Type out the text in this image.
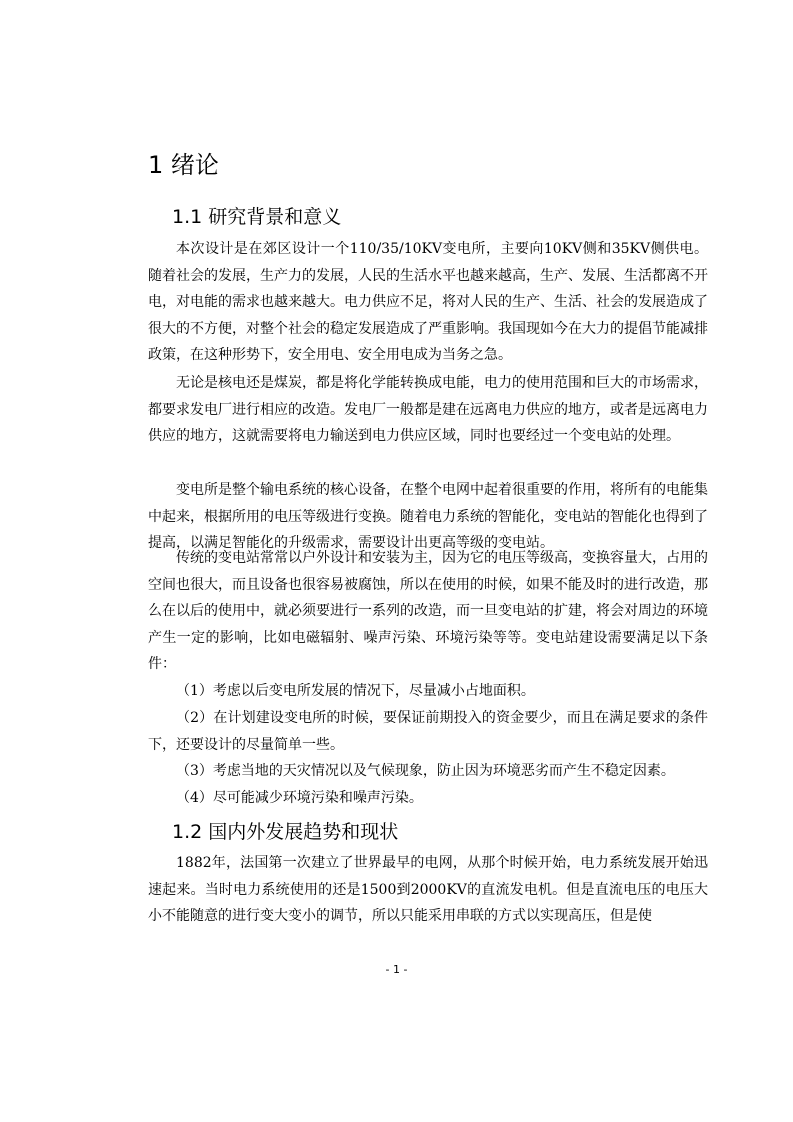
1 绪论
1.1 研究背景和意义

本次设计是在郊区设计一个110/35/10KV变电所，主要向10KV侧和35KV侧供电。随着社会的发展，生产力的发展，人民的生活水平也越来越高，生产、发展、生活都离不开电，对电能的需求也越来越大。电力供应不足，将对人民的生产、生活、社会的发展造成了很大的不方便，对整个社会的稳定发展造成了严重影响。我国现如今在大力的提倡节能减排政策，在这种形势下，安全用电、安全用电成为当务之急。

无论是核电还是煤炭，都是将化学能转换成电能，电力的使用范围和巨大的市场需求，都要求发电厂进行相应的改造。发电厂一般都是建在远离电力供应的地方，或者是远离电力供应的地方，这就需要将电力输送到电力供应区域，同时也要经过一个变电站的处理。

变电所是整个输电系统的核心设备，在整个电网中起着很重要的作用，将所有的电能集中起来，根据所用的电压等级进行变换。随着电力系统的智能化，变电站的智能化也得到了提高，以满足智能化的升级需求，需要设计出更高等级的变电站。

传统的变电站常常以户外设计和安装为主，因为它的电压等级高，变换容量大，占用的空间也很大，而且设备也很容易被腐蚀，所以在使用的时候，如果不能及时的进行改造，那么在以后的使用中，就必须要进行一系列的改造，而一旦变电站的扩建，将会对周边的环境产生一定的影响，比如电磁辐射、噪声污染、环境污染等等。变电站建设需要满足以下条件：

（1）考虑以后变电所发展的情况下，尽量减小占地面积。

（2）在计划建设变电所的时候，要保证前期投入的资金要少，而且在满足要求的条件下，还要设计的尽量简单一些。

（3）考虑当地的天灾情况以及气候现象，防止因为环境恶劣而产生不稳定因素。

（4）尽可能减少环境污染和噪声污染。

1.2 国内外发展趋势和现状

1882年，法国第一次建立了世界最早的电网，从那个时候开始，电力系统发展开始迅速起来。当时电力系统使用的还是1500到2000KV的直流发电机。但是直流电压的电压大小不能随意的进行变大变小的调节，所以只能采用串联的方式以实现高压，但是使

- 1 -
